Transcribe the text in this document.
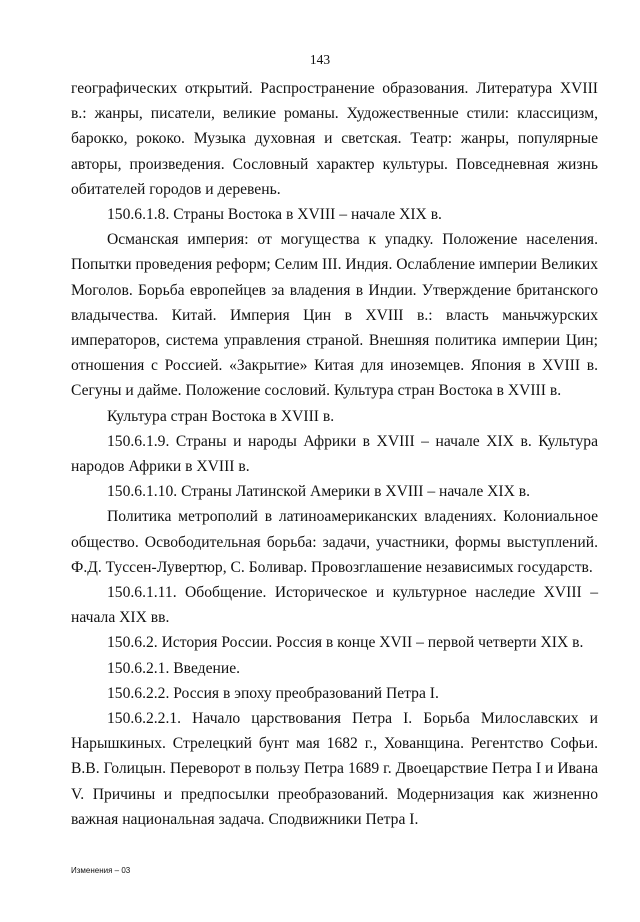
143

географических открытий. Распространение образования. Литература XVIII в.: жанры, писатели, великие романы. Художественные стили: классицизм, барокко, рококо. Музыка духовная и светская. Театр: жанры, популярные авторы, произведения. Сословный характер культуры. Повседневная жизнь обитателей городов и деревень.

150.6.1.8. Страны Востока в XVIII – начале XIX в.

Османская империя: от могущества к упадку. Положение населения. Попытки проведения реформ; Селим III. Индия. Ослабление империи Великих Моголов. Борьба европейцев за владения в Индии. Утверждение британского владычества. Китай. Империя Цин в XVIII в.: власть маньчжурских императоров, система управления страной. Внешняя политика империи Цин; отношения с Россией. «Закрытие» Китая для иноземцев. Япония в XVIII в. Сегуны и дайме. Положение сословий. Культура стран Востока в XVIII в.

Культура стран Востока в XVIII в.

150.6.1.9. Страны и народы Африки в XVIII – начале XIX в. Культура народов Африки в XVIII в.

150.6.1.10. Страны Латинской Америки в XVIII – начале XIX в.

Политика метрополий в латиноамериканских владениях. Колониальное общество. Освободительная борьба: задачи, участники, формы выступлений. Ф.Д. Туссен-Лувертюр, С. Боливар. Провозглашение независимых государств.

150.6.1.11. Обобщение. Историческое и культурное наследие XVIII – начала XIX вв.

150.6.2. История России. Россия в конце XVII – первой четверти XIX в.

150.6.2.1. Введение.

150.6.2.2. Россия в эпоху преобразований Петра I.

150.6.2.2.1. Начало царствования Петра I. Борьба Милославских и Нарышкиных. Стрелецкий бунт мая 1682 г., Хованщина. Регентство Софьи. В.В. Голицын. Переворот в пользу Петра 1689 г. Двоецарствие Петра I и Ивана V. Причины и предпосылки преобразований. Модернизация как жизненно важная национальная задача. Сподвижники Петра I.

Изменения – 03
